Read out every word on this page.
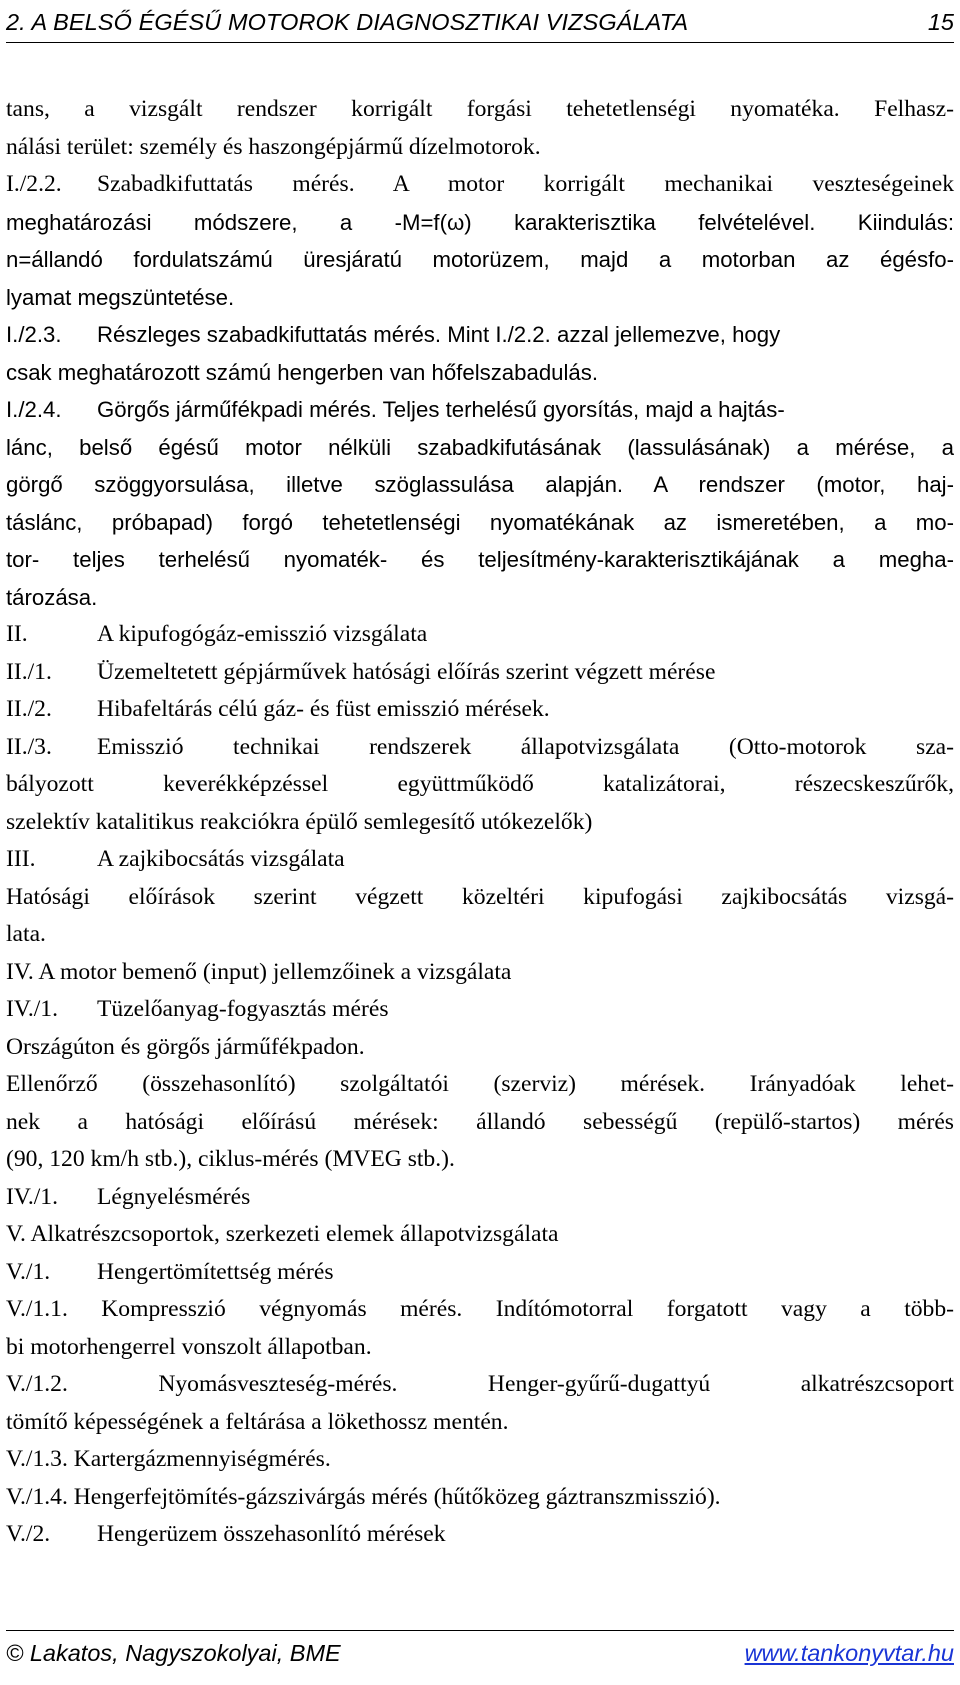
2. A BELSŐ ÉGÉSŰ MOTOROK DIAGNOSZTIKAI VIZSGÁLATA	15
tans, a vizsgált rendszer korrigált forgási tehetetlenségi nyomatéka. Felhasz-
nálási terület: személy és haszongépjármű dízelmotorok.
I./2.2. Szabadkifuttatás mérés. A motor korrigált mechanikai veszteségeinek
meghatározási módszere, a -M=f(ω) karakterisztika felvételével. Kiindulás:
n=állandó fordulatszámú üresjáratú motorüzem, majd a motorban az égésfo-
lyamat megszüntetése.
I./2.3. Részleges szabadkifuttatás mérés. Mint I./2.2. azzal jellemezve, hogy
csak meghatározott számú hengerben van hőfelszabadulás.
I./2.4. Görgős járműfékpadi mérés. Teljes terhelésű gyorsítás, majd a hajtás-
lánc, belső égésű motor nélküli szabadkifutásának (lassulásának) a mérése, a
görgő szöggyorsulása, illetve szöglassulása alapján. A rendszer (motor, haj-
táslánc, próbapad) forgó tehetetlenségi nyomatékának az ismeretében, a mo-
tor- teljes terhelésű nyomaték- és teljesítmény-karakterisztikájának a megha-
tározása.
II.	A kipufogógáz-emisszió vizsgálata
II./1. Üzemeltetett gépjárművek hatósági előírás szerint végzett mérése
II./2. Hibafeltárás célú gáz- és füst emisszió mérések.
II./3. Emisszió technikai rendszerek állapotvizsgálata (Otto-motorok sza-
bályozott keverékképzéssel együttműködő katalizátorai, részecskeszűrők,
szelektív katalitikus reakciókra épülő semlegesítő utókezelők)
III.	A zajkibocsátás vizsgálata
Hatósági előírások szerint végzett közeltéri kipufogási zajkibocsátás vizsgá-
lata.
IV. A motor bemenő (input) jellemzőinek a vizsgálata
IV./1. Tüzelőanyag-fogyasztás mérés
Országúton és görgős járműfékpadon.
Ellenőrző (összehasonlító) szolgáltatói (szerviz) mérések. Irányadóak lehet-
nek a hatósági előírású mérések: állandó sebességű (repülő-startos) mérés
(90, 120 km/h stb.), ciklus-mérés (MVEG stb.).
IV./1. Légnyelésmérés
V. Alkatrészcsoportok, szerkezeti elemek állapotvizsgálata
V./1. Hengertömítettség mérés
V./1.1. Kompresszió végnyomás mérés. Indítómotorral forgatott vagy a több-
bi motorhengerrel vonszolt állapotban.
V./1.2. Nyomásveszteség-mérés. Henger-gyűrű-dugattyú alkatrészcsoport
tömítő képességének a feltárása a lökethossz mentén.
V./1.3. Kartergázmennyiségmérés.
V./1.4. Hengerfejtömítés-gázszivárgás mérés (hűtőközeg gáztranszmisszió).
V./2. Hengerüzem összehasonlító mérések
© Lakatos, Nagyszokolyai, BME	www.tankonyvtar.hu
